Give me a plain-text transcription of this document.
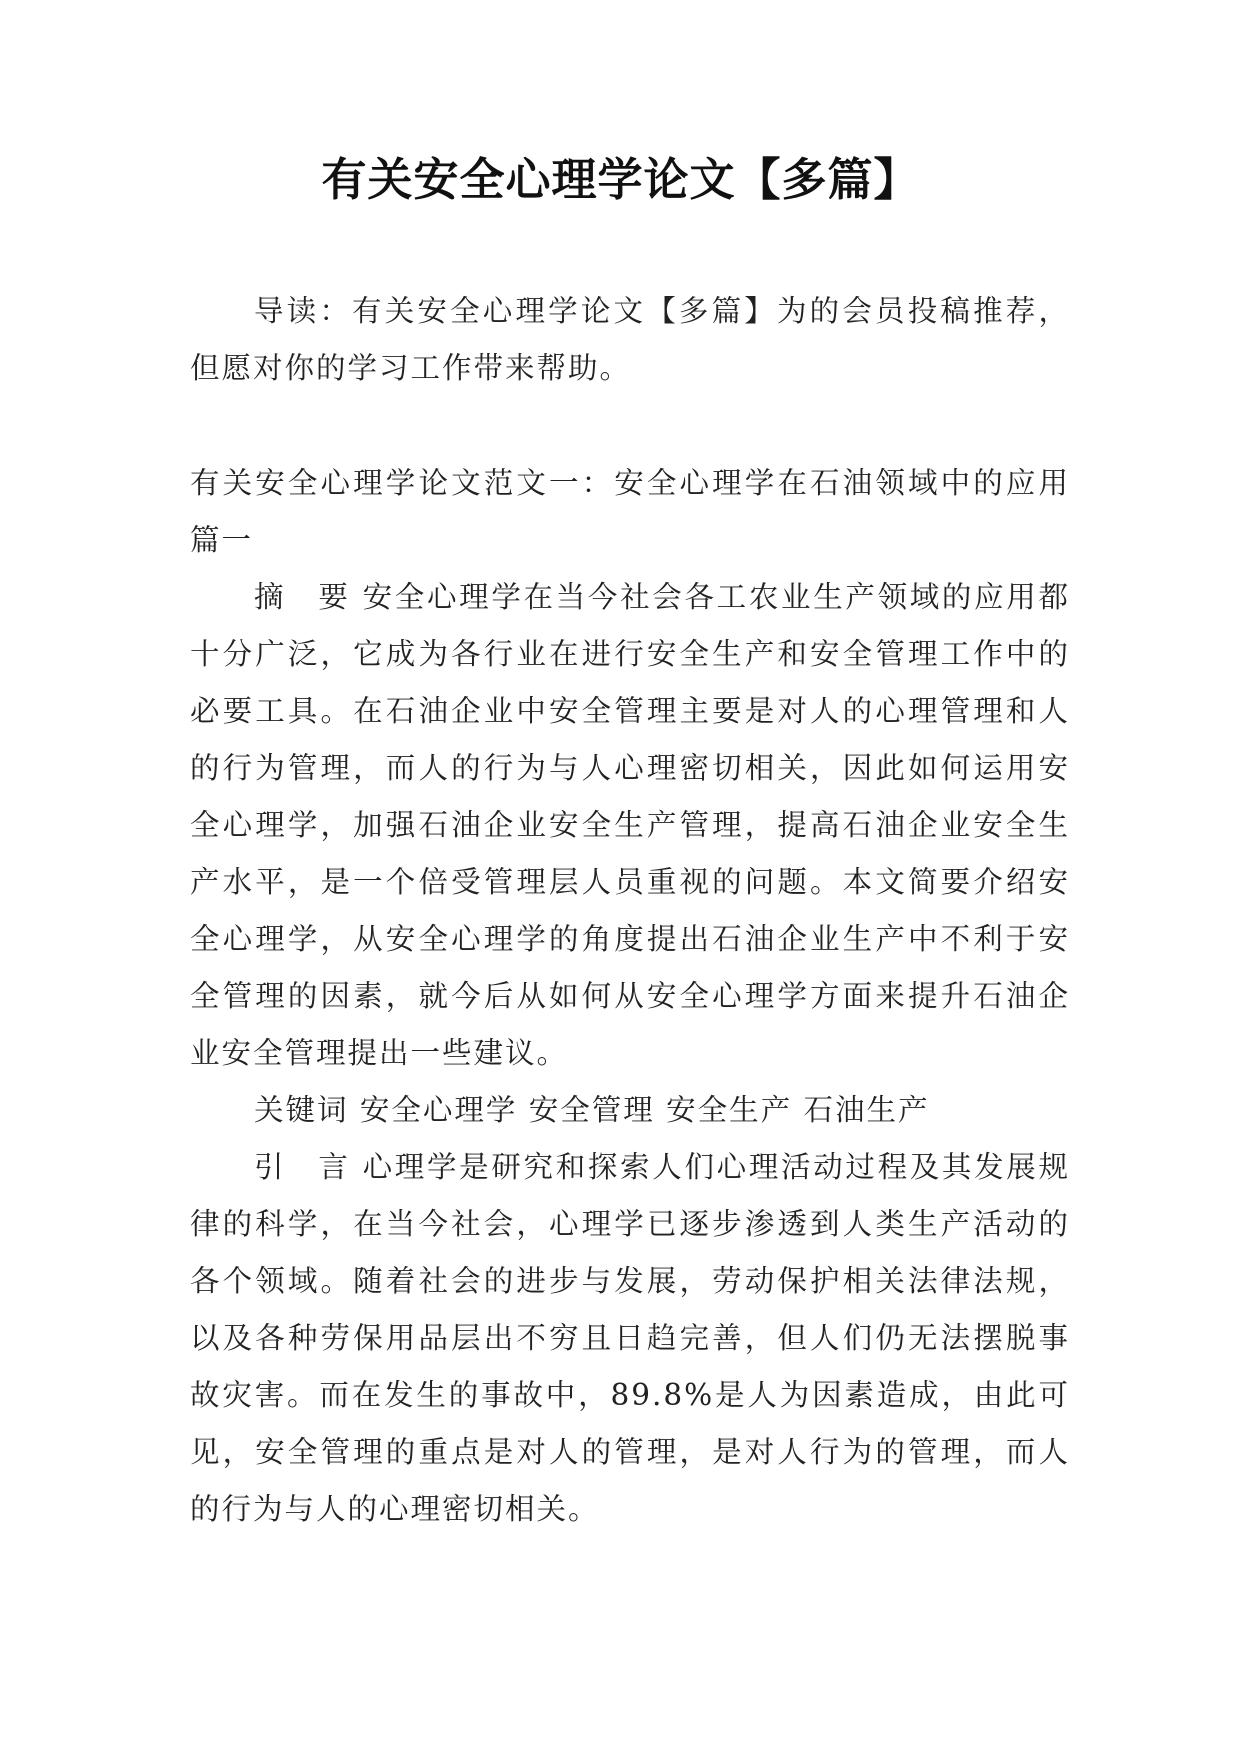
有关安全心理学论文【多篇】

导读：有关安全心理学论文【多篇】为的会员投稿推荐，但愿对你的学习工作带来帮助。

有关安全心理学论文范文一：安全心理学在石油领域中的应用 篇一

摘　要 安全心理学在当今社会各工农业生产领域的应用都十分广泛，它成为各行业在进行安全生产和安全管理工作中的必要工具。在石油企业中安全管理主要是对人的心理管理和人的行为管理，而人的行为与人心理密切相关，因此如何运用安全心理学，加强石油企业安全生产管理，提高石油企业安全生产水平，是一个倍受管理层人员重视的问题。本文简要介绍安全心理学，从安全心理学的角度提出石油企业生产中不利于安全管理的因素，就今后从如何从安全心理学方面来提升石油企业安全管理提出一些建议。

关键词 安全心理学 安全管理 安全生产 石油生产

引　言 心理学是研究和探索人们心理活动过程及其发展规律的科学，在当今社会，心理学已逐步渗透到人类生产活动的各个领域。随着社会的进步与发展，劳动保护相关法律法规，以及各种劳保用品层出不穷且日趋完善，但人们仍无法摆脱事故灾害。而在发生的事故中，89.8%是人为因素造成，由此可见，安全管理的重点是对人的管理，是对人行为的管理，而人的行为与人的心理密切相关。
